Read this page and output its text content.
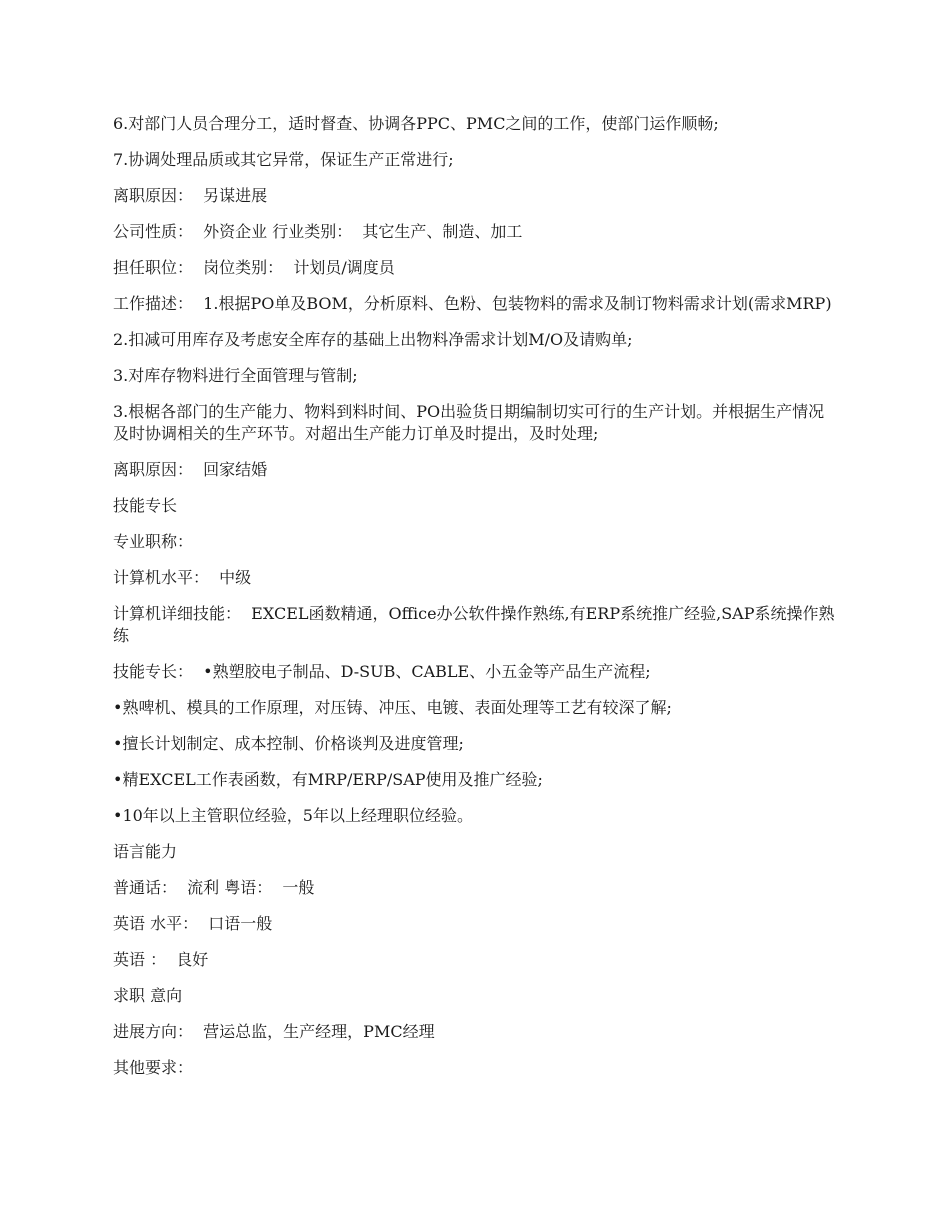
6.对部门人员合理分工，适时督查、协调各PPC、PMC之间的工作，使部门运作顺畅;

7.协调处理品质或其它异常，保证生产正常进行;

离职原因：  另谋进展

公司性质：  外资企业 行业类别：  其它生产、制造、加工

担任职位：  岗位类别：  计划员/调度员

工作描述：  1.根据PO单及BOM，分析原料、色粉、包装物料的需求及制订物料需求计划(需求MRP)

2.扣减可用库存及考虑安全库存的基础上出物料净需求计划M/O及请购单;

3.对库存物料进行全面管理与管制;

3.根椐各部门的生产能力、物料到料时间、PO出验货日期编制切实可行的生产计划。并根据生产情况及时协调相关的生产环节。对超出生产能力订单及时提出，及时处理;

离职原因：  回家结婚

技能专长

专业职称：

计算机水平：  中级

计算机详细技能：  EXCEL函数精通，Office办公软件操作熟练,有ERP系统推广经验,SAP系统操作熟练

技能专长：  •熟塑胶电子制品、D-SUB、CABLE、小五金等产品生产流程;

•熟啤机、模具的工作原理，对压铸、冲压、电镀、表面处理等工艺有较深了解;

•擅长计划制定、成本控制、价格谈判及进度管理;

•精EXCEL工作表函数，有MRP/ERP/SAP使用及推广经验;

•10年以上主管职位经验，5年以上经理职位经验。

语言能力

普通话：  流利 粤语：  一般

英语 水平：  口语一般

英语 ：  良好

求职 意向

进展方向：  营运总监，生产经理，PMC经理

其他要求：
